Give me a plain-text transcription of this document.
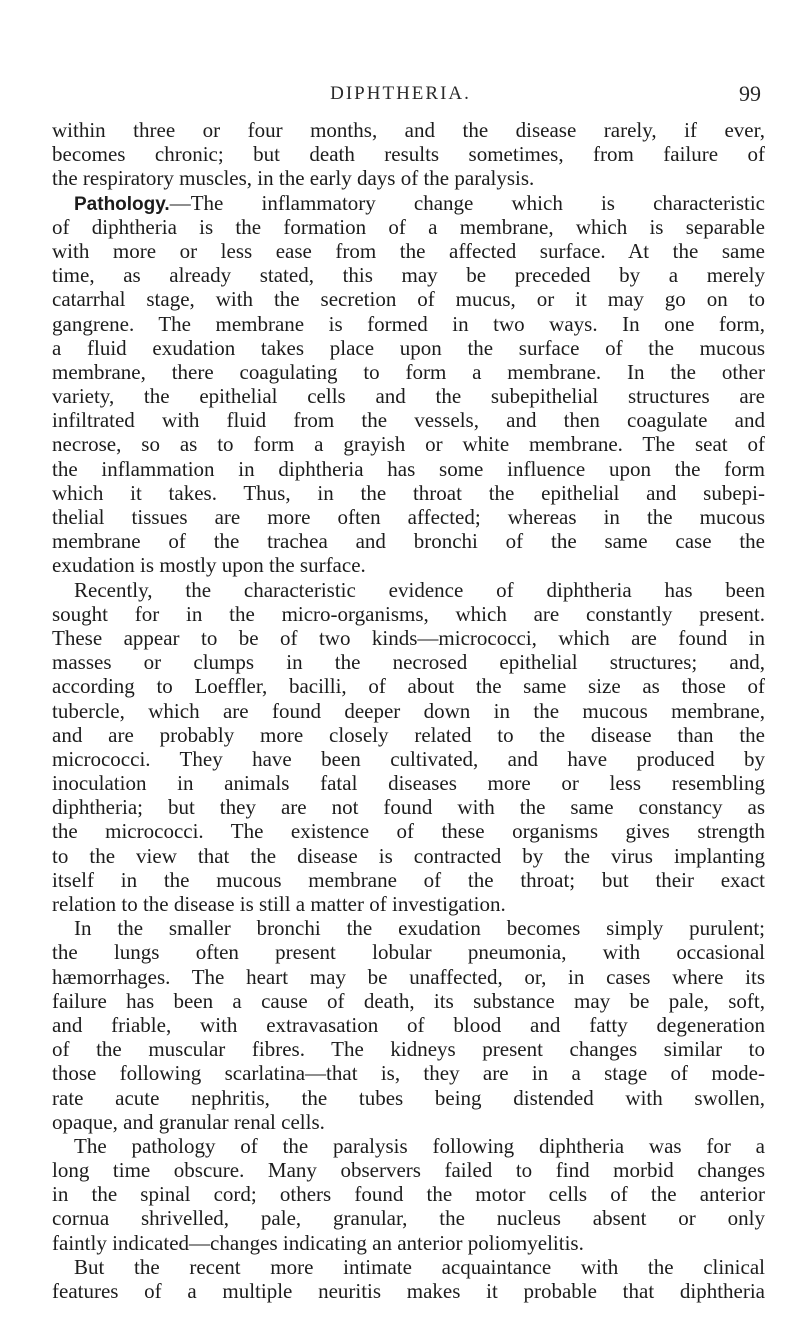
DIPHTHERIA.	99
within three or four months, and the disease rarely, if ever,
becomes chronic; but death results sometimes, from failure of
the respiratory muscles, in the early days of the paralysis.
Pathology.—The inflammatory change which is characteristic
of diphtheria is the formation of a membrane, which is separable
with more or less ease from the affected surface. At the same
time, as already stated, this may be preceded by a merely
catarrhal stage, with the secretion of mucus, or it may go on to
gangrene. The membrane is formed in two ways. In one form,
a fluid exudation takes place upon the surface of the mucous
membrane, there coagulating to form a membrane. In the other
variety, the epithelial cells and the subepithelial structures are
infiltrated with fluid from the vessels, and then coagulate and
necrose, so as to form a grayish or white membrane. The seat of
the inflammation in diphtheria has some influence upon the form
which it takes. Thus, in the throat the epithelial and subepi-
thelial tissues are more often affected; whereas in the mucous
membrane of the trachea and bronchi of the same case the
exudation is mostly upon the surface.
Recently, the characteristic evidence of diphtheria has been
sought for in the micro-organisms, which are constantly present.
These appear to be of two kinds—micrococci, which are found in
masses or clumps in the necrosed epithelial structures; and,
according to Loeffler, bacilli, of about the same size as those of
tubercle, which are found deeper down in the mucous membrane,
and are probably more closely related to the disease than the
micrococci. They have been cultivated, and have produced by
inoculation in animals fatal diseases more or less resembling
diphtheria; but they are not found with the same constancy as
the micrococci. The existence of these organisms gives strength
to the view that the disease is contracted by the virus implanting
itself in the mucous membrane of the throat; but their exact
relation to the disease is still a matter of investigation.
In the smaller bronchi the exudation becomes simply purulent;
the lungs often present lobular pneumonia, with occasional
hæmorrhages. The heart may be unaffected, or, in cases where its
failure has been a cause of death, its substance may be pale, soft,
and friable, with extravasation of blood and fatty degeneration
of the muscular fibres. The kidneys present changes similar to
those following scarlatina—that is, they are in a stage of mode-
rate acute nephritis, the tubes being distended with swollen,
opaque, and granular renal cells.
The pathology of the paralysis following diphtheria was for a
long time obscure. Many observers failed to find morbid changes
in the spinal cord; others found the motor cells of the anterior
cornua shrivelled, pale, granular, the nucleus absent or only
faintly indicated—changes indicating an anterior poliomyelitis.
But the recent more intimate acquaintance with the clinical
features of a multiple neuritis makes it probable that diphtheria
